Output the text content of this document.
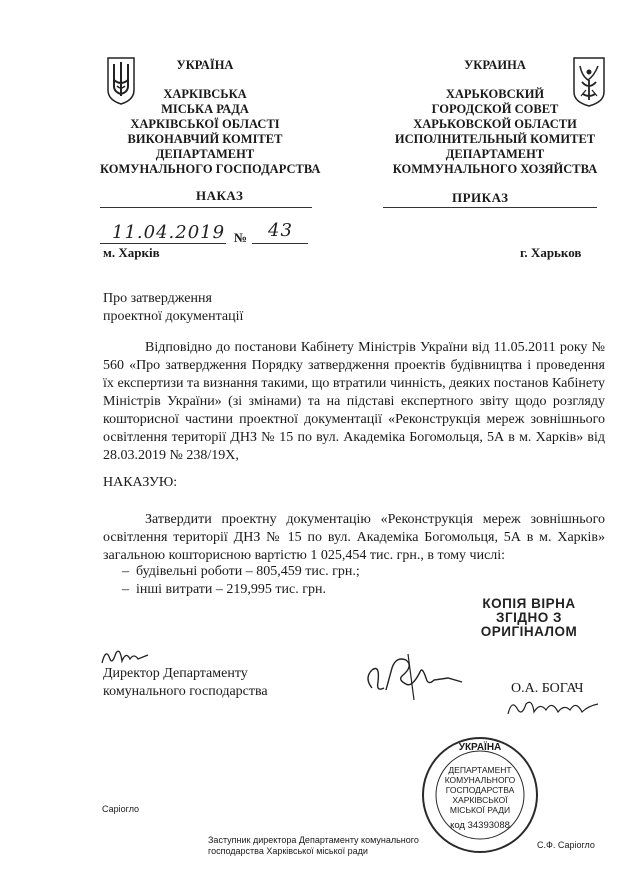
УКРАЇНА
ХАРКІВСЬКА
МІСЬКА РАДА
ХАРКІВСЬКОЇ ОБЛАСТІ
ВИКОНАВЧИЙ КОМІТЕТ
ДЕПАРТАМЕНТ
КОМУНАЛЬНОГО ГОСПОДАРСТВА
УКРАИНА
ХАРЬКОВСКИЙ
ГОРОДСКОЙ СОВЕТ
ХАРЬКОВСКОЙ ОБЛАСТИ
ИСПОЛНИТЕЛЬНЫЙ КОМИТЕТ
ДЕПАРТАМЕНТ
КОММУНАЛЬНОГО ХОЗЯЙСТВА
НАКАЗ	ПРИКАЗ
11.04.2019 № 43
м. Харків	г. Харьков
Про затвердження
проектної документації
Відповідно до постанови Кабінету Міністрів України від 11.05.2011 року № 560 «Про затвердження Порядку затвердження проектів будівництва і проведення їх експертизи та визнання такими, що втратили чинність, деяких постанов Кабінету Міністрів України» (зі змінами) та на підставі експертного звіту щодо розгляду кошторисної частини проектної документації «Реконструкція мереж зовнішнього освітлення території ДНЗ № 15 по вул. Академіка Богомольця, 5А в м. Харків» від 28.03.2019 № 238/19Х,
НАКАЗУЮ:
Затвердити проектну документацію «Реконструкція мереж зовнішнього освітлення території ДНЗ № 15 по вул. Академіка Богомольця, 5А в м. Харків» загальною кошторисною вартістю 1 025,454 тис. грн., в тому числі:
– будівельні роботи – 805,459 тис. грн.;
– інші витрати – 219,995 тис. грн.
КОПІЯ ВІРНА
ЗГІДНО З
ОРИГІНАЛОМ
Директор Департаменту
комунального господарства	О.А. БОГАЧ
УКРАЇНА
ДЕПАРТАМЕНТ
КОМУНАЛЬНОГО
ГОСПОДАРСТВА
ХАРКІВСЬКОЇ
МІСЬКОЇ РАДИ
код 34393088
Саріогло
Заступник директора Департаменту комунального
господарства Харківської міської ради
С.Ф. Саріогло
